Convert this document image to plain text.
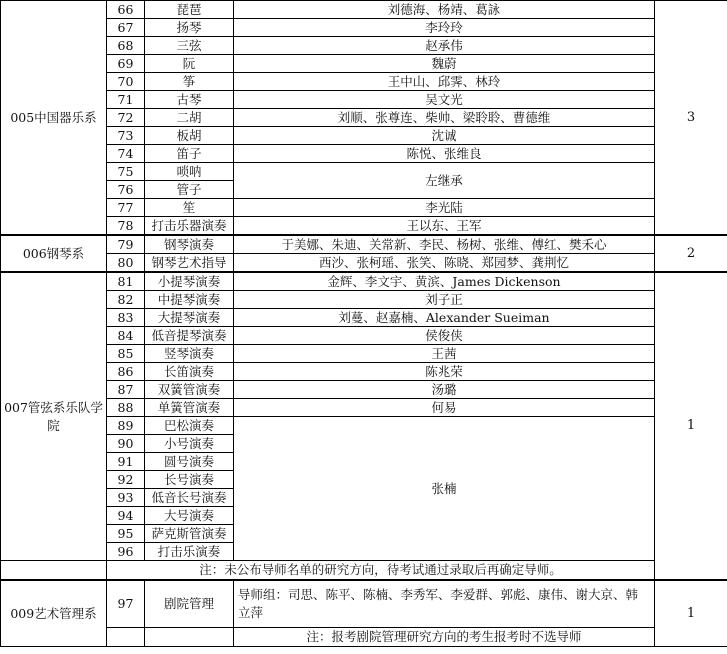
005中国器乐系	66	琵琶	刘德海、杨靖、葛詠	3
	67	扬琴	李玲玲	
	68	三弦	赵承伟	
	69	阮	魏蔚	
	70	筝	王中山、邱霁、林玲	
	71	古琴	吴文光	
	72	二胡	刘顺、张尊连、柴帅、梁聆聆、曹德维	
	73	板胡	沈诚	
	74	笛子	陈悦、张维良	
	75	唢呐	左继承	
	76	管子		
	77	笙	李光陆	
	78	打击乐器演奏	王以东、王军	
006钢琴系	79	钢琴演奏	于美娜、朱迪、关常新、李民、杨树、张维、傅红、樊禾心	2
	80	钢琴艺术指导	西沙、张柯瑶、张笑、陈晓、郑园梦、龚荆忆	
007管弦系乐队学院	81	小提琴演奏	金辉、李文宇、黄滨、James Dickenson	1
	82	中提琴演奏	刘子正	
	83	大提琴演奏	刘蔓、赵嘉楠、Alexander Sueiman	
	84	低音提琴演奏	侯俊侠	
	85	竖琴演奏	王茜	
	86	长笛演奏	陈兆荣	
	87	双簧管演奏	汤璐	
	88	单簧管演奏	何易	
	89	巴松演奏	张楠	
	90	小号演奏		
	91	圆号演奏		
	92	长号演奏		
	93	低音长号演奏		
	94	大号演奏		
	95	萨克斯管演奏		
	96	打击乐演奏		
	注：未公布导师名单的研究方向，待考试通过录取后再确定导师。			
009艺术管理系	97	剧院管理	导师组：司思、陈平、陈楠、李秀军、李爱群、郭彪、康伟、谢大京、韩立萍	1
			注：报考剧院管理研究方向的考生报考时不选导师	
